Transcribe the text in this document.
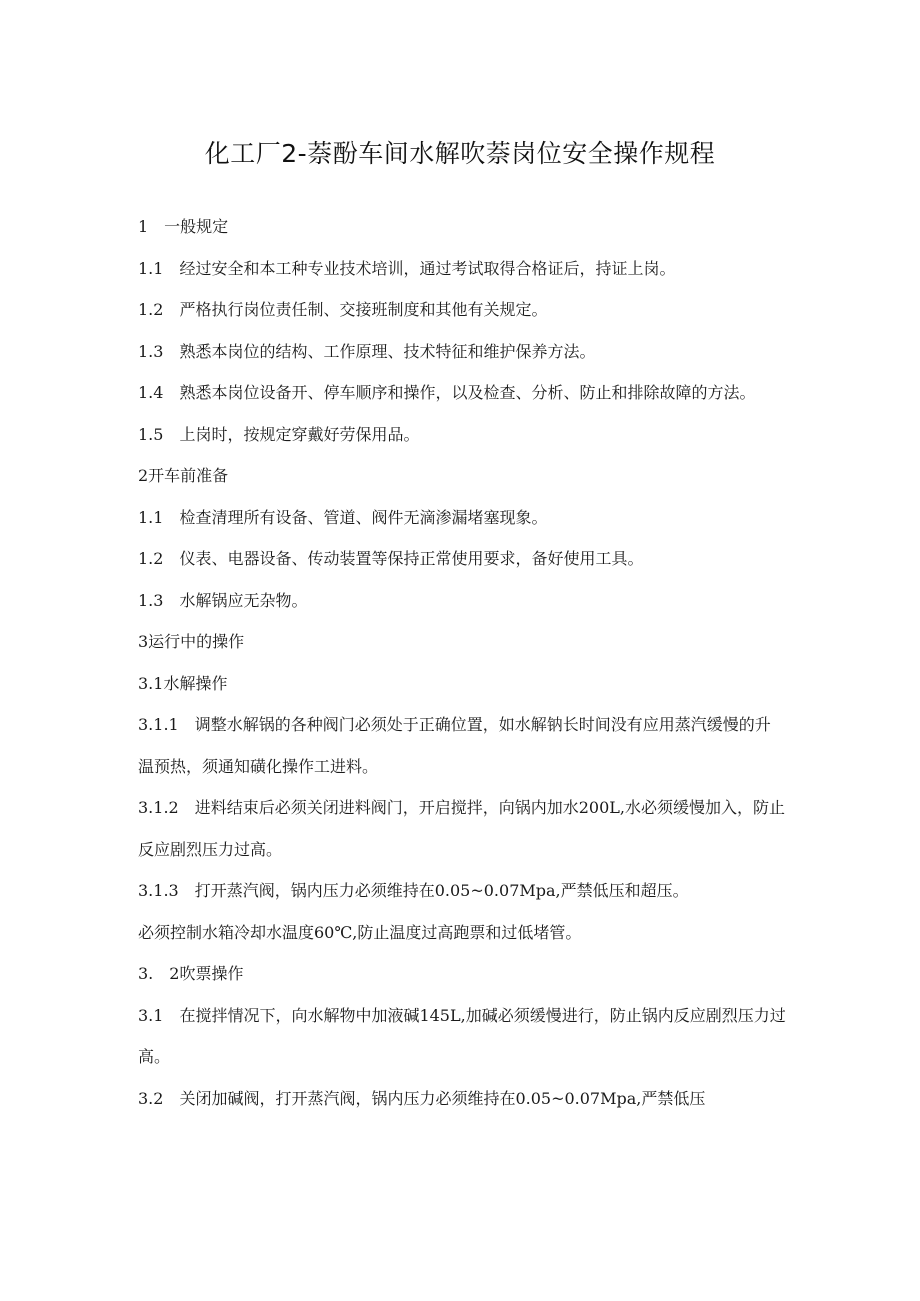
化工厂2-萘酚车间水解吹萘岗位安全操作规程

1　一般规定

1.1　经过安全和本工种专业技术培训，通过考试取得合格证后，持证上岗。

1.2　严格执行岗位责任制、交接班制度和其他有关规定。

1.3　熟悉本岗位的结构、工作原理、技术特征和维护保养方法。

1.4　熟悉本岗位设备开、停车顺序和操作，以及检查、分析、防止和排除故障的方法。

1.5　上岗时，按规定穿戴好劳保用品。

2开车前准备

1.1　检查清理所有设备、管道、阀件无滴渗漏堵塞现象。

1.2　仪表、电器设备、传动装置等保持正常使用要求，备好使用工具。

1.3　水解锅应无杂物。

3运行中的操作

3.1水解操作

3.1.1　调整水解锅的各种阀门必须处于正确位置，如水解钠长时间没有应用蒸汽缓慢的升温预热，须通知磺化操作工进料。

3.1.2　进料结束后必须关闭进料阀门，开启搅拌，向锅内加水200L,水必须缓慢加入，防止反应剧烈压力过高。

3.1.3　打开蒸汽阀，锅内压力必须维持在0.05~0.07Mpa,严禁低压和超压。

必须控制水箱冷却水温度60℃,防止温度过高跑票和过低堵管。

3.　2吹票操作

3.1　在搅拌情况下，向水解物中加液碱145L,加碱必须缓慢进行，防止锅内反应剧烈压力过高。

3.2　关闭加碱阀，打开蒸汽阀，锅内压力必须维持在0.05~0.07Mpa,严禁低压
